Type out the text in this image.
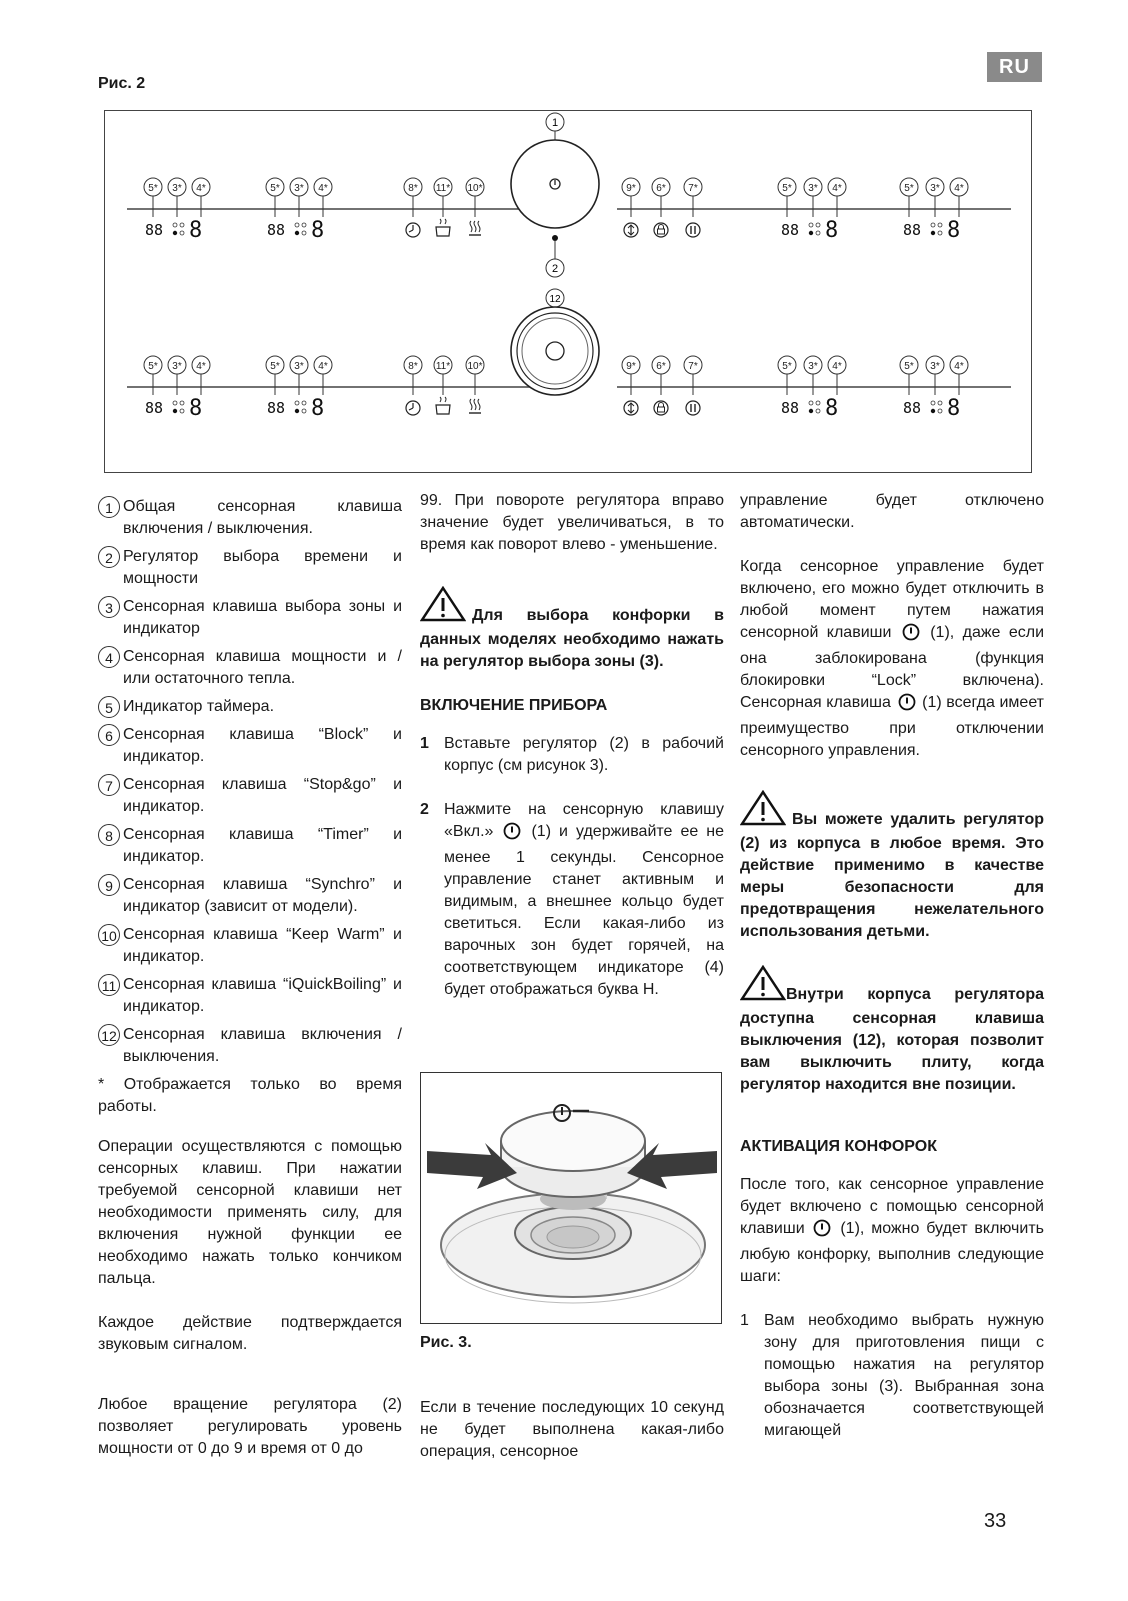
RU
Рис. 2
5* 3* 4*	5* 3* 4*	8* 11* 10*	9* 6* 7*	5* 3* 4*	5* 3* 4*
88 8	88 8	88 8	88 8
5* 3* 4*	5* 3* 4*	8* 11* 10*	9* 6* 7*	5* 3* 4*	5* 3* 4*
88 8	88 8	88 8	88 8
1
2
12
1 Общая сенсорная клавиша включения / выключения.
2 Регулятор выбора времени и мощности
3 Сенсорная клавиша выбора зоны и индикатор
4 Сенсорная клавиша мощности и / или остаточного тепла.
5 Индикатор таймера.
6 Сенсорная клавиша “Block” и индикатор.
7 Сенсорная клавиша “Stop&go” и индикатор.
8 Сенсорная клавиша “Timer” и индикатор.
9 Сенсорная клавиша “Synchro” и индикатор (зависит от модели).
10 Сенсорная клавиша “Keep Warm” и индикатор.
11 Сенсорная клавиша “iQuickBoiling” и индикатор.
12 Сенсорная клавиша включения / выключения.

* Отображается только во время работы.

Операции осуществляются с помощью сенсорных клавиш. При нажатии требуемой сенсорной клавиши нет необходимости применять силу, для включения нужной функции ее необходимо нажать только кончиком пальца.

Каждое действие подтверждается звуковым сигналом.

Любое вращение регулятора (2) позволяет регулировать уровень мощности от 0 до 9 и время от 0 до

99. При повороте регулятора вправо значение будет увеличиваться, в то время как поворот влево - уменьшение.

Для выбора конфорки в данных моделях необходимо нажать на регулятор выбора зоны (3).

ВКЛЮЧЕНИЕ ПРИБОРА
1 Вставьте регулятор (2) в рабочий корпус (см рисунок 3).
2 Нажмите на сенсорную клавишу «Вкл.» (1) и удерживайте ее не менее 1 секунды. Сенсорное управление станет активным и видимым, а внешнее кольцо будет светиться. Если какая-либо из варочных зон будет горячей, на соответствующем индикаторе (4) будет отображаться буква H.
Рис. 3.

Если в течение последующих 10 секунд не будет выполнена какая-либо операция, сенсорное

управление будет отключено автоматически.

Когда сенсорное управление будет включено, его можно будет отключить в любой момент путем нажатия сенсорной клавиши (1), даже если она заблокирована (функция блокировки “Lock” включена). Сенсорная клавиша (1) всегда имеет преимущество при отключении сенсорного управления.

Вы можете удалить регулятор (2) из корпуса в любое время. Это действие применимо в качестве меры безопасности для предотвращения нежелательного использования детьми.

Внутри корпуса регулятора доступна сенсорная клавиша выключения (12), которая позволит вам выключить плиту, когда регулятор находится вне позиции.

АКТИВАЦИЯ КОНФОРОК

После того, как сенсорное управление будет включено с помощью сенсорной клавиши (1), можно будет включить любую конфорку, выполнив следующие шаги:

1 Вам необходимо выбрать нужную зону для приготовления пищи с помощью нажатия на регулятор выбора зоны (3). Выбранная зона обозначается соответствующей мигающей
33
